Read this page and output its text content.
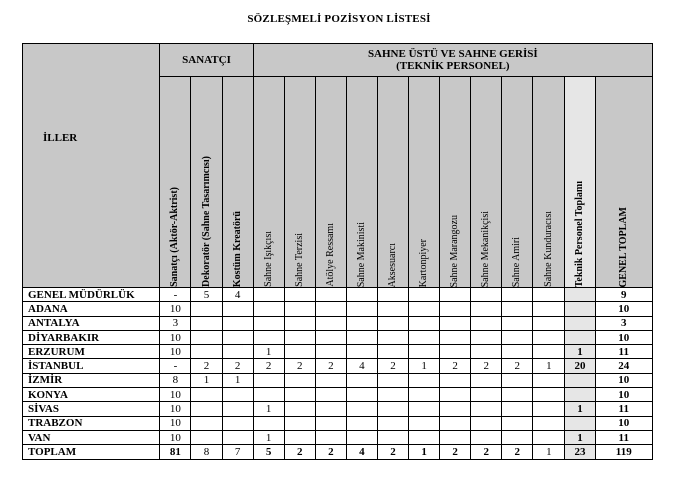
SÖZLEŞMELİ POZİSYON LİSTESİ
İLLER	SANATÇI			SAHNE ÜSTÜ VE SAHNE GERİSİ
(TEKNİK PERSONEL)											

	Sanatçı (Aktör-Aktrist)	Dekoratör (Sahne Tasarımcısı)	Kostüm Kreatörü	Sahne Işıkçısı	Sahne Terzisi	Atölye Ressamı	Sahne Makinisti	Aksesuarcı	Kartonpiyer	Sahne Marangozu	Sahne Mekanikçisi	Sahne Amiri	Sahne Kunduracısı	Teknik Personel Toplamı	GENEL TOPLAM

GENEL MÜDÜRLÜK	-	5	4												9
ADANA	10														10
ANTALYA	3														3
DİYARBAKIR	10														10
ERZURUM	10			1										1	11
İSTANBUL	-	2	2	2	2	2	4	2	1	2	2	2	1	20	24
İZMİR	8	1	1												10
KONYA	10														10
SİVAS	10			1										1	11
TRABZON	10														10
VAN	10			1										1	11
TOPLAM	81	8	7	5	2	2	4	2	1	2	2	2	1	23	119
